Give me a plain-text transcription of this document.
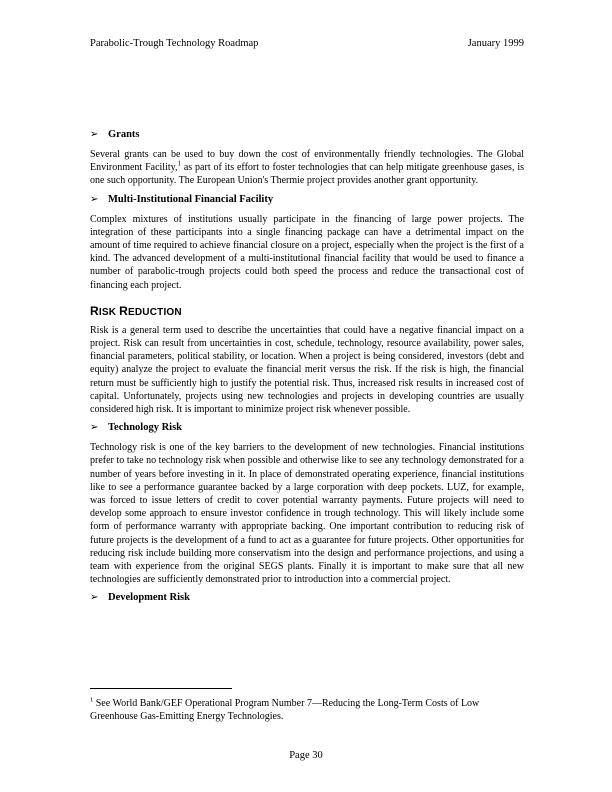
Parabolic-Trough Technology Roadmap	January 1999
➢ Grants

Several grants can be used to buy down the cost of environmentally friendly technologies. The Global Environment Facility,$^1$ as part of its effort to foster technologies that can help mitigate greenhouse gases, is one such opportunity. The European Union's Thermie project provides another grant opportunity.

➢ Multi-Institutional Financial Facility

Complex mixtures of institutions usually participate in the financing of large power projects. The integration of these participants into a single financing package can have a detrimental impact on the amount of time required to achieve financial closure on a project, especially when the project is the first of a kind. The advanced development of a multi-institutional financial facility that would be used to finance a number of parabolic-trough projects could both speed the process and reduce the transactional cost of financing each project.

RISK REDUCTION

Risk is a general term used to describe the uncertainties that could have a negative financial impact on a project. Risk can result from uncertainties in cost, schedule, technology, resource availability, power sales, financial parameters, political stability, or location. When a project is being considered, investors (debt and equity) analyze the project to evaluate the financial merit versus the risk. If the risk is high, the financial return must be sufficiently high to justify the potential risk. Thus, increased risk results in increased cost of capital. Unfortunately, projects using new technologies and projects in developing countries are usually considered high risk. It is important to minimize project risk whenever possible.

➢ Technology Risk

Technology risk is one of the key barriers to the development of new technologies. Financial institutions prefer to take no technology risk when possible and otherwise like to see any technology demonstrated for a number of years before investing in it. In place of demonstrated operating experience, financial institutions like to see a performance guarantee backed by a large corporation with deep pockets. LUZ, for example, was forced to issue letters of credit to cover potential warranty payments. Future projects will need to develop some approach to ensure investor confidence in trough technology. This will likely include some form of performance warranty with appropriate backing. One important contribution to reducing risk of future projects is the development of a fund to act as a guarantee for future projects. Other opportunities for reducing risk include building more conservatism into the design and performance projections, and using a team with experience from the original SEGS plants. Finally it is important to make sure that all new technologies are sufficiently demonstrated prior to introduction into a commercial project.

➢ Development Risk
$^1$ See World Bank/GEF Operational Program Number 7—Reducing the Long-Term Costs of Low Greenhouse Gas-Emitting Energy Technologies.
Page 30
